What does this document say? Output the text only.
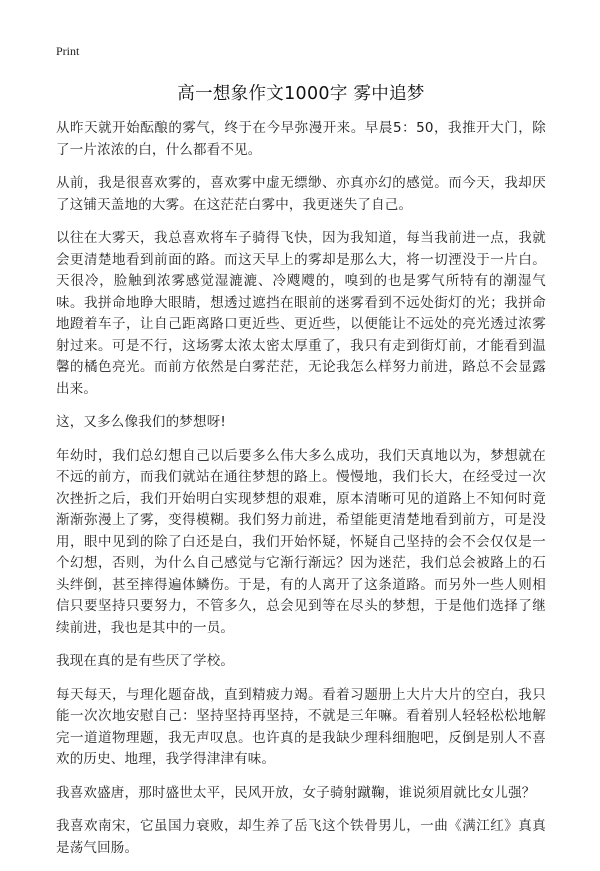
Print
高一想象作文1000字 雾中追梦

从昨天就开始酝酿的雾气，终于在今早弥漫开来。早晨5：50，我推开大门，除了一片浓浓的白，什么都看不见。

从前，我是很喜欢雾的，喜欢雾中虚无缥缈、亦真亦幻的感觉。而今天，我却厌了这铺天盖地的大雾。在这茫茫白雾中，我更迷失了自己。

以往在大雾天，我总喜欢将车子骑得飞快，因为我知道，每当我前进一点，我就会更清楚地看到前面的路。而这天早上的雾却是那么大，将一切湮没于一片白。天很冷，脸触到浓雾感觉湿漉漉、冷飕飕的，嗅到的也是雾气所特有的潮湿气味。我拼命地睁大眼睛，想透过遮挡在眼前的迷雾看到不远处街灯的光；我拼命地蹬着车子，让自己距离路口更近些、更近些，以便能让不远处的亮光透过浓雾射过来。可是不行，这场雾太浓太密太厚重了，我只有走到街灯前，才能看到温馨的橘色亮光。而前方依然是白雾茫茫，无论我怎么样努力前进，路总不会显露出来。

这，又多么像我们的梦想呀!

年幼时，我们总幻想自己以后要多么伟大多么成功，我们天真地以为，梦想就在不远的前方，而我们就站在通往梦想的路上。慢慢地，我们长大，在经受过一次次挫折之后，我们开始明白实现梦想的艰难，原本清晰可见的道路上不知何时竟渐渐弥漫上了雾，变得模糊。我们努力前进，希望能更清楚地看到前方，可是没用，眼中见到的除了白还是白，我们开始怀疑，怀疑自己坚持的会不会仅仅是一个幻想，否则，为什么自己感觉与它渐行渐远？因为迷茫，我们总会被路上的石头绊倒，甚至摔得遍体鳞伤。于是，有的人离开了这条道路。而另外一些人则相信只要坚持只要努力，不管多久，总会见到等在尽头的梦想，于是他们选择了继续前进，我也是其中的一员。

我现在真的是有些厌了学校。

每天每天，与理化题奋战，直到精疲力竭。看着习题册上大片大片的空白，我只能一次次地安慰自己：坚持坚持再坚持，不就是三年嘛。看着别人轻轻松松地解完一道道物理题，我无声叹息。也许真的是我缺少理科细胞吧，反倒是别人不喜欢的历史、地理，我学得津津有味。

我喜欢盛唐，那时盛世太平，民风开放，女子骑射蹴鞠，谁说须眉就比女儿强？

我喜欢南宋，它虽国力衰败，却生养了岳飞这个铁骨男儿，一曲《满江红》真真是荡气回肠。
